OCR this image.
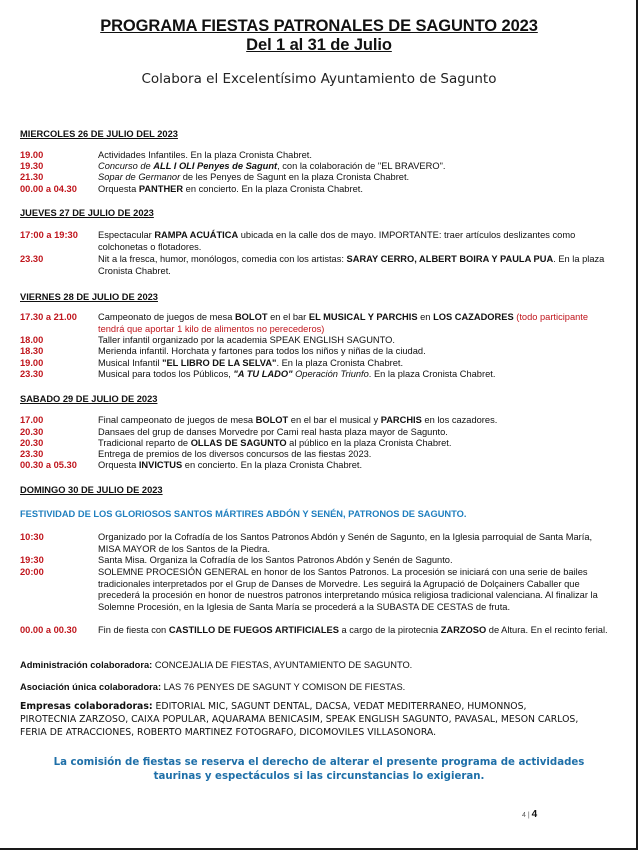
PROGRAMA FIESTAS PATRONALES DE SAGUNTO 2023
Del 1 al 31 de Julio
Colabora el Excelentísimo Ayuntamiento de Sagunto
MIERCOLES 26 DE JULIO DEL 2023
19.00	Actividades Infantiles. En la plaza Cronista Chabret.
19.30	Concurso de ALL I OLI Penyes de Sagunt, con la colaboración de "EL BRAVERO".
21.30	Sopar de Germanor de les Penyes de Sagunt en la plaza Cronista Chabret.
00.00 a 04.30 Orquesta PANTHER en concierto. En la plaza Cronista Chabret.
JUEVES 27 DE JULIO DE 2023
17:00 a 19:30 Espectacular RAMPA ACUÁTICA ubicada en la calle dos de mayo. IMPORTANTE: traer artículos deslizantes como colchonetas o flotadores.
23.30	Nit a la fresca, humor, monólogos, comedia con los artistas: SARAY CERRO, ALBERT BOIRA Y PAULA PUA. En la plaza Cronista Chabret.
VIERNES 28 DE JULIO DE 2023
17.30 a 21.00 Campeonato de juegos de mesa BOLOT en el bar EL MUSICAL Y PARCHIS en LOS CAZADORES (todo participante tendrá que aportar 1 kilo de alimentos no perecederos)
18.00	Taller infantil organizado por la academia SPEAK ENGLISH SAGUNTO.
18.30	Merienda infantil. Horchata y fartones para todos los niños y niñas de la ciudad.
19.00	Musical Infantil "EL LIBRO DE LA SELVA". En la plaza Cronista Chabret.
23.30	Musical para todos los Públicos, "A TU LADO" Operación Triunfo. En la plaza Cronista Chabret.
SABADO 29 DE JULIO DE 2023
17.00	Final campeonato de juegos de mesa BOLOT en el bar el musical y PARCHIS en los cazadores.
20.30	Dansaes del grup de danses Morvedre por Cami real hasta plaza mayor de Sagunto.
20.30	Tradicional reparto de OLLAS DE SAGUNTO al público en la plaza Cronista Chabret.
23.30	Entrega de premios de los diversos concursos de las fiestas 2023.
00.30 a 05.30 Orquesta INVICTUS en concierto. En la plaza Cronista Chabret.
DOMINGO 30 DE JULIO DE 2023
FESTIVIDAD DE LOS GLORIOSOS SANTOS MÁRTIRES ABDÓN Y SENÉN, PATRONOS DE SAGUNTO.
10:30	Organizado por la Cofradía de los Santos Patronos Abdón y Senén de Sagunto, en la Iglesia parroquial de Santa María, MISA MAYOR de los Santos de la Piedra.
19:30	Santa Misa. Organiza la Cofradía de los Santos Patronos Abdón y Senén de Sagunto.
20:00	SOLEMNE PROCESIÓN GENERAL en honor de los Santos Patronos. La procesión se iniciará con una serie de bailes tradicionales interpretados por el Grup de Danses de Morvedre. Les seguirá la Agrupació de Dolçainers Caballer que precederá la procesión en honor de nuestros patronos interpretando música religiosa tradicional valenciana. Al finalizar la Solemne Procesión, en la Iglesia de Santa María se procederá a la SUBASTA DE CESTAS de fruta.
00.00 a 00.30 Fin de fiesta con CASTILLO DE FUEGOS ARTIFICIALES a cargo de la pirotecnia ZARZOSO de Altura. En el recinto ferial.
Administración colaboradora: CONCEJALIA DE FIESTAS, AYUNTAMIENTO DE SAGUNTO.
Asociación única colaboradora: LAS 76 PENYES DE SAGUNT Y COMISON DE FIESTAS.
Empresas colaboradoras: EDITORIAL MIC, SAGUNT DENTAL, DACSA, VEDAT MEDITERRANEO, HUMONNOS, PIROTECNIA ZARZOSO, CAIXA POPULAR, AQUARAMA BENICASIM, SPEAK ENGLISH SAGUNTO, PAVASAL, MESON CARLOS, FERIA DE ATRACCIONES, ROBERTO MARTINEZ FOTOGRAFO, DICOMOVILES VILLASONORA.
La comisión de fiestas se reserva el derecho de alterar el presente programa de actividades
taurinas y espectáculos si las circunstancias lo exigieran.
4 | 4
